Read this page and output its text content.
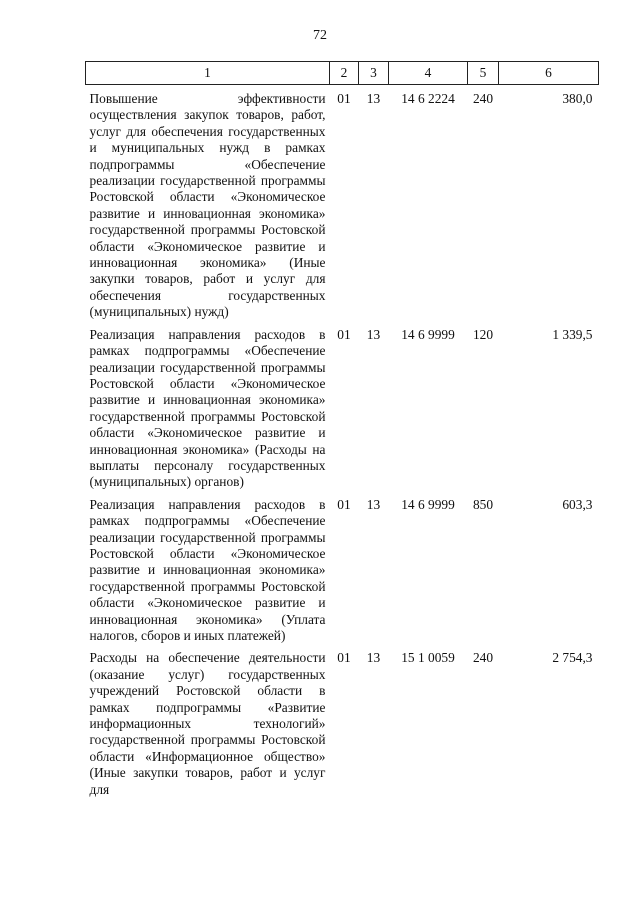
72
1	2	3	4	5	6
Повышение эффективности осуществления закупок товаров, работ, услуг для обеспечения государственных и муниципальных нужд в рамках подпрограммы «Обеспечение реализации государственной программы Ростовской области «Экономическое развитие и инновационная экономика» государственной программы Ростовской области «Экономическое развитие и инновационная экономика» (Иные закупки товаров, работ и услуг для обеспечения государственных (муниципальных) нужд)	01	13	14 6 2224	240	380,0
Реализация направления расходов в рамках подпрограммы «Обеспечение реализации государственной программы Ростовской области «Экономическое развитие и инновационная экономика» государственной программы Ростовской области «Экономическое развитие и инновационная экономика» (Расходы на выплаты персоналу государственных (муниципальных) органов)	01	13	14 6 9999	120	1 339,5
Реализация направления расходов в рамках подпрограммы «Обеспечение реализации государственной программы Ростовской области «Экономическое развитие и инновационная экономика» государственной программы Ростовской области «Экономическое развитие и инновационная экономика» (Уплата налогов, сборов и иных платежей)	01	13	14 6 9999	850	603,3
Расходы на обеспечение деятельности (оказание услуг) государственных учреждений Ростовской области в рамках подпрограммы «Развитие информационных технологий» государственной программы Ростовской области «Информационное общество» (Иные закупки товаров, работ и услуг для	01	13	15 1 0059	240	2 754,3
